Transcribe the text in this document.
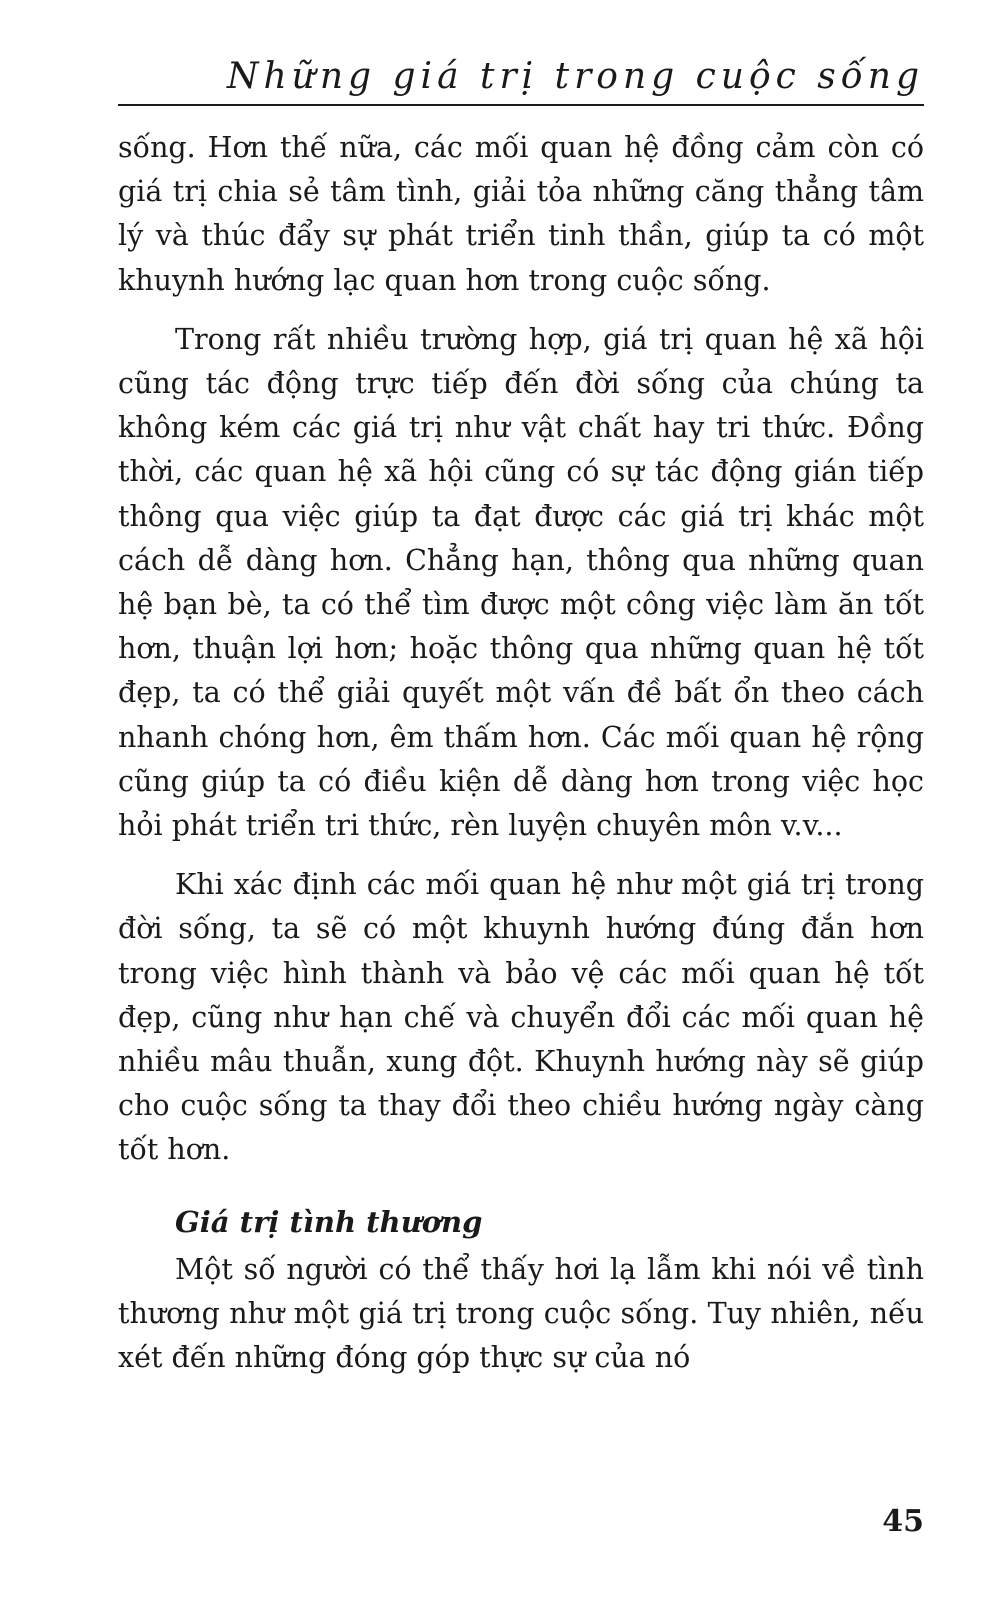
Những giá trị trong cuộc sống

sống. Hơn thế nữa, các mối quan hệ đồng cảm còn có giá trị chia sẻ tâm tình, giải tỏa những căng thẳng tâm lý và thúc đẩy sự phát triển tinh thần, giúp ta có một khuynh hướng lạc quan hơn trong cuộc sống.

Trong rất nhiều trường hợp, giá trị quan hệ xã hội cũng tác động trực tiếp đến đời sống của chúng ta không kém các giá trị như vật chất hay tri thức. Đồng thời, các quan hệ xã hội cũng có sự tác động gián tiếp thông qua việc giúp ta đạt được các giá trị khác một cách dễ dàng hơn. Chẳng hạn, thông qua những quan hệ bạn bè, ta có thể tìm được một công việc làm ăn tốt hơn, thuận lợi hơn; hoặc thông qua những quan hệ tốt đẹp, ta có thể giải quyết một vấn đề bất ổn theo cách nhanh chóng hơn, êm thấm hơn. Các mối quan hệ rộng cũng giúp ta có điều kiện dễ dàng hơn trong việc học hỏi phát triển tri thức, rèn luyện chuyên môn v.v...

Khi xác định các mối quan hệ như một giá trị trong đời sống, ta sẽ có một khuynh hướng đúng đắn hơn trong việc hình thành và bảo vệ các mối quan hệ tốt đẹp, cũng như hạn chế và chuyển đổi các mối quan hệ nhiều mâu thuẫn, xung đột. Khuynh hướng này sẽ giúp cho cuộc sống ta thay đổi theo chiều hướng ngày càng tốt hơn.

Giá trị tình thương

Một số người có thể thấy hơi lạ lẫm khi nói về tình thương như một giá trị trong cuộc sống. Tuy nhiên, nếu xét đến những đóng góp thực sự của nó

45
